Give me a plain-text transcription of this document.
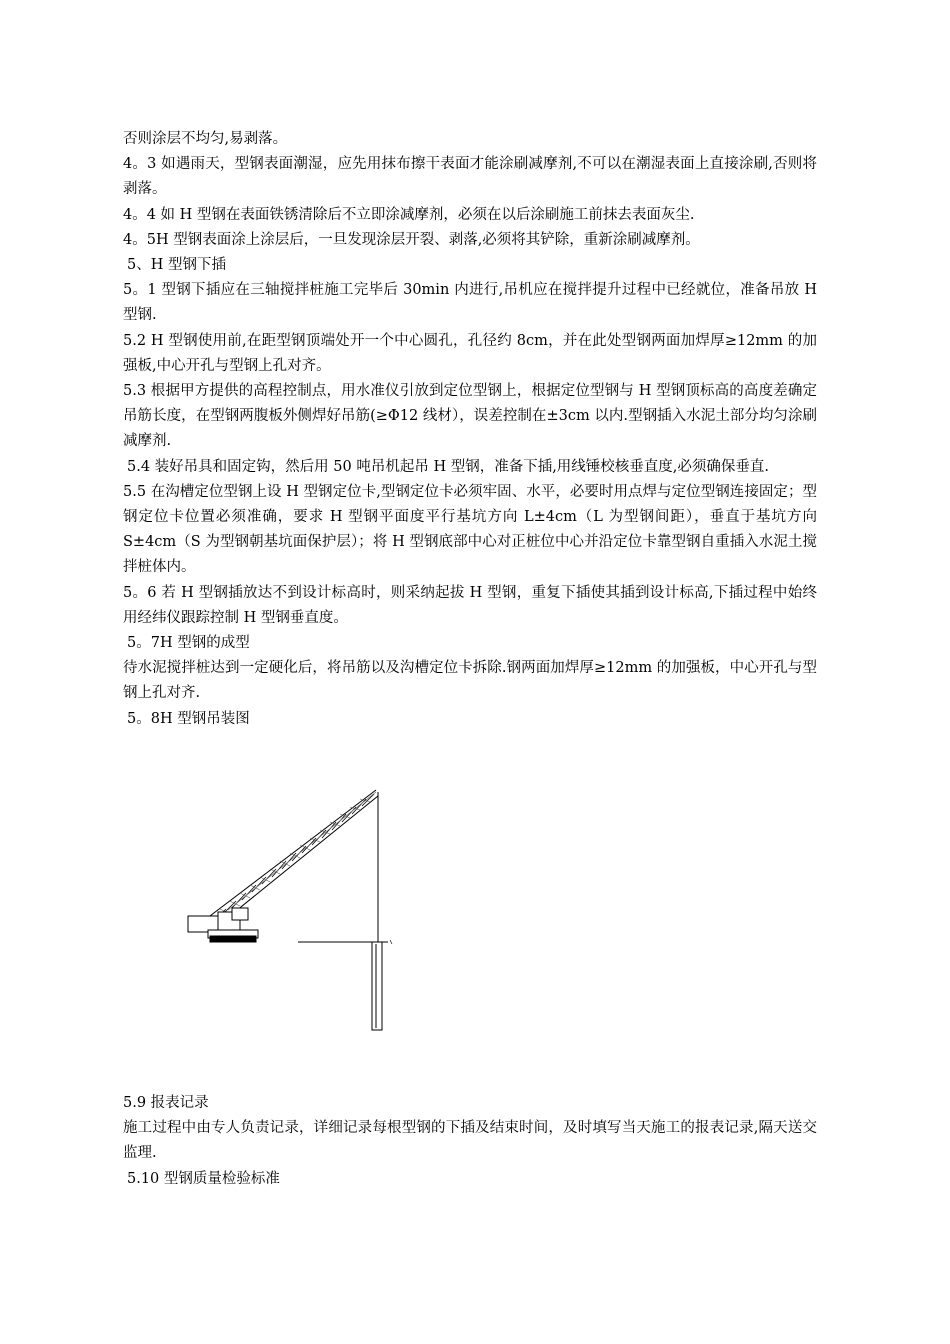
否则涂层不均匀,易剥落。

4。3 如遇雨天，型钢表面潮湿，应先用抹布擦干表面才能涂刷减摩剂,不可以在潮湿表面上直接涂刷,否则将剥落。

4。4 如 H 型钢在表面铁锈清除后不立即涂减摩剂，必须在以后涂刷施工前抹去表面灰尘.

4。5H 型钢表面涂上涂层后，一旦发现涂层开裂、剥落,必须将其铲除，重新涂刷减摩剂。

5、H 型钢下插

5。1 型钢下插应在三轴搅拌桩施工完毕后 30min 内进行,吊机应在搅拌提升过程中已经就位，准备吊放 H 型钢.

5.2 H 型钢使用前,在距型钢顶端处开一个中心圆孔，孔径约 8cm，并在此处型钢两面加焊厚≥12mm 的加强板,中心开孔与型钢上孔对齐。

5.3 根据甲方提供的高程控制点，用水准仪引放到定位型钢上，根据定位型钢与 H 型钢顶标高的高度差确定吊筋长度，在型钢两腹板外侧焊好吊筋(≥Φ12 线材），误差控制在±3cm 以内.型钢插入水泥土部分均匀涂刷减摩剂.

5.4 装好吊具和固定钩，然后用 50 吨吊机起吊 H 型钢，准备下插,用线锤校核垂直度,必须确保垂直.

5.5 在沟槽定位型钢上设 H 型钢定位卡,型钢定位卡必须牢固、水平，必要时用点焊与定位型钢连接固定；型钢定位卡位置必须准确，要求 H 型钢平面度平行基坑方向 L±4cm（L 为型钢间距），垂直于基坑方向 S±4cm（S 为型钢朝基坑面保护层）；将 H 型钢底部中心对正桩位中心并沿定位卡靠型钢自重插入水泥土搅拌桩体内。

5。6 若 H 型钢插放达不到设计标高时，则采纳起拔 H 型钢，重复下插使其插到设计标高,下插过程中始终用经纬仪跟踪控制 H 型钢垂直度。

5。7H 型钢的成型

待水泥搅拌桩达到一定硬化后，将吊筋以及沟槽定位卡拆除.钢两面加焊厚≥12mm 的加强板，中心开孔与型钢上孔对齐.

5。8H 型钢吊装图

5.9 报表记录

施工过程中由专人负责记录，详细记录每根型钢的下插及结束时间，及时填写当天施工的报表记录,隔天送交监理.

5.10 型钢质量检验标准
